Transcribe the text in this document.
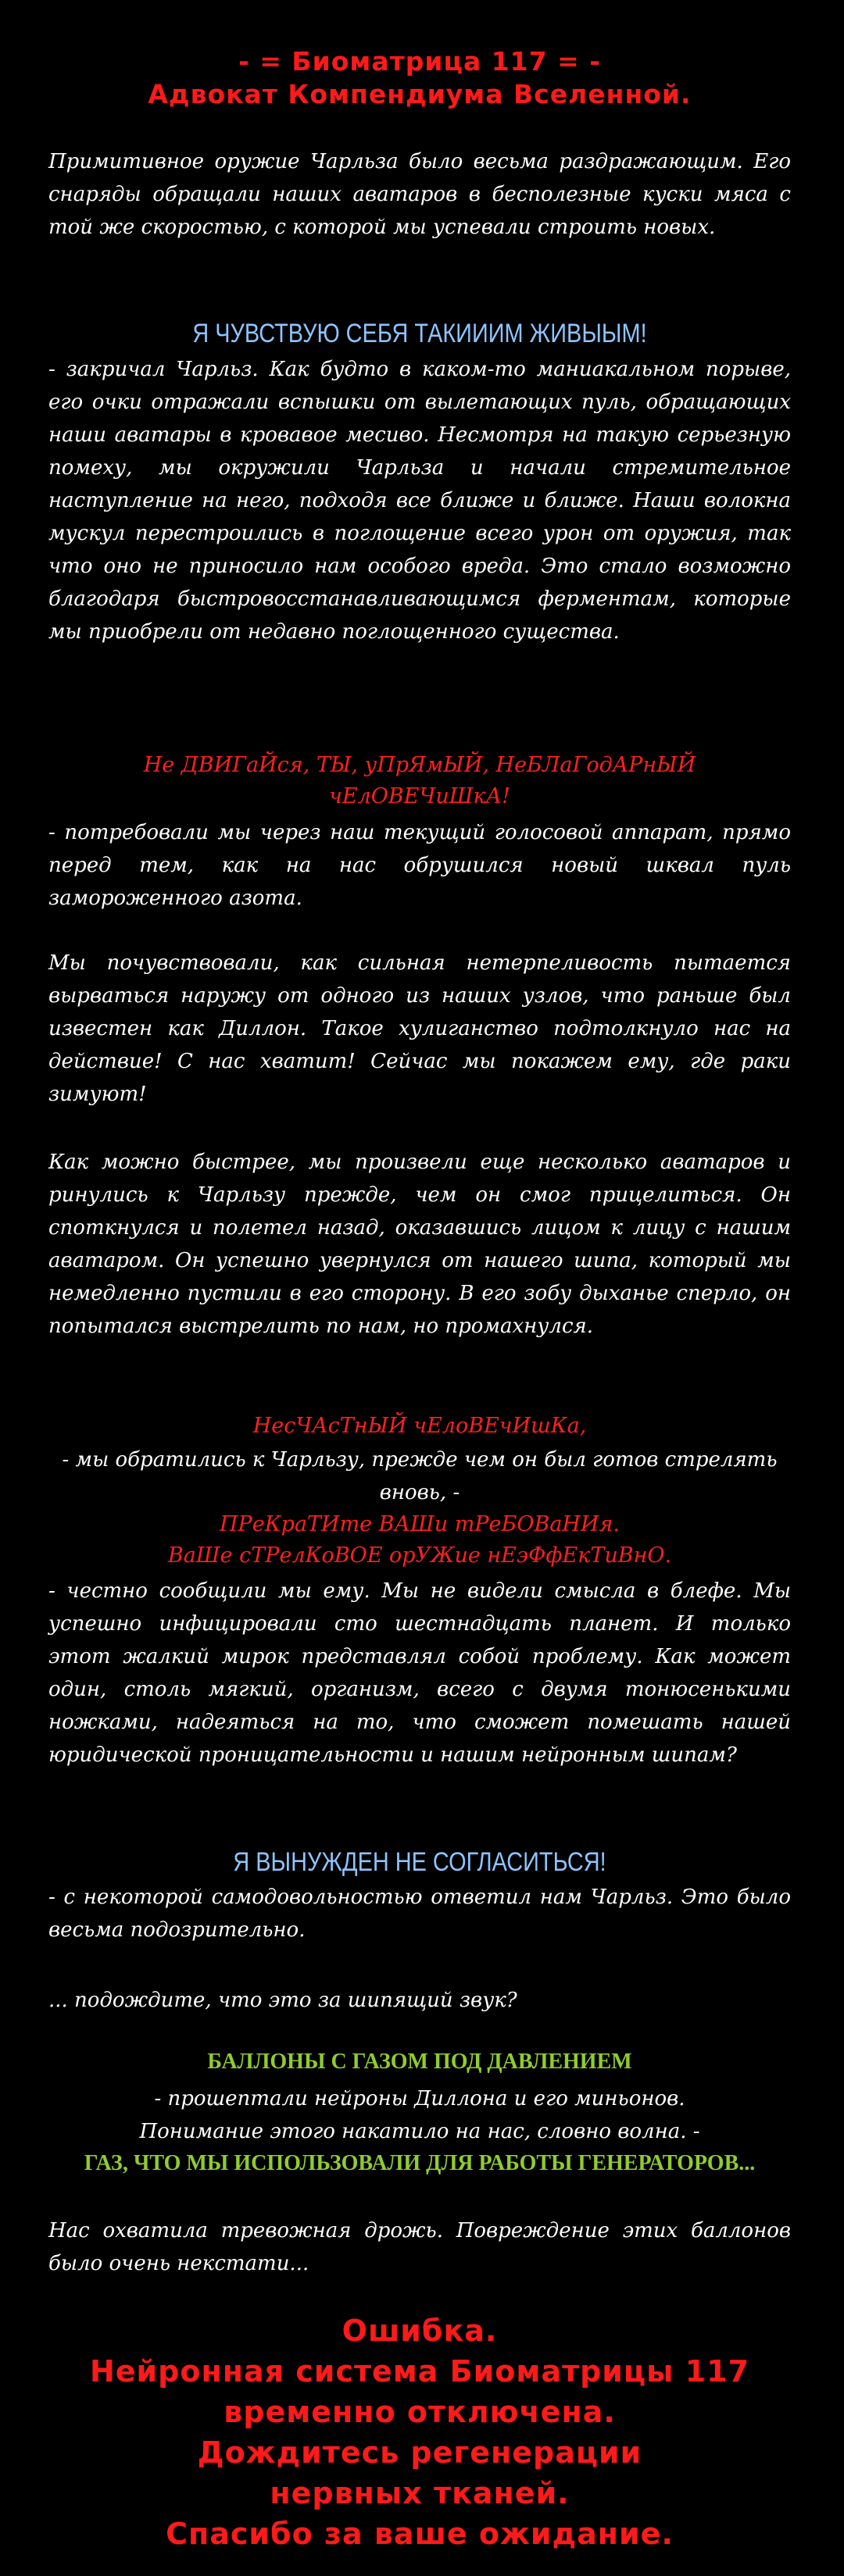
- = Биоматрица 117 = -

Адвокат Компендиума Вселенной.

Примитивное оружие Чарльза было весьма раздражающим. Его снаряды обращали наших аватаров в бесполезные куски мяса с той же скоростью, с которой мы успевали строить новых.

Я ЧУВСТВУЮ СЕБЯ ТАКИИИМ ЖИВЫЫМ!

- закричал Чарльз. Как будто в каком-то маниакальном порыве, его очки отражали вспышки от вылетающих пуль, обращающих наши аватары в кровавое месиво. Несмотря на такую серьезную помеху, мы окружили Чарльза и начали стремительное наступление на него, подходя все ближе и ближе. Наши волокна мускул перестроились в поглощение всего урон от оружия, так что оно не приносило нам особого вреда. Это стало возможно благодаря быстровосстанавливающимся ферментам, которые мы приобрели от недавно поглощенного существа.

Не ДВИГаЙся, ТЫ, уПрЯмЫЙ, НеБЛаГодАРнЫЙ

чЕлОВЕЧиШкА!

- потребовали мы через наш текущий голосовой аппарат, прямо перед тем, как на нас обрушился новый шквал пуль замороженного азота.

Мы почувствовали, как сильная нетерпеливость пытается вырваться наружу от одного из наших узлов, что раньше был известен как Диллон. Такое хулиганство подтолкнуло нас на действие! С нас хватит! Сейчас мы покажем ему, где раки зимуют!

Как можно быстрее, мы произвели еще несколько аватаров и ринулись к Чарльзу прежде, чем он смог прицелиться. Он споткнулся и полетел назад, оказавшись лицом к лицу с нашим аватаром. Он успешно увернулся от нашего шипа, который мы немедленно пустили в его сторону. В его зобу дыханье сперло, он попытался выстрелить по нам, но промахнулся.

НесЧАсТнЫЙ чЕлоВЕчИшКа,

- мы обратились к Чарльзу, прежде чем он был готов стрелять вновь, -

ПРеКраТИте ВАШи тРеБОВаНИя.

ВаШе сТРелКоВОЕ орУЖие нЕэФфЕкТиВнО.

- честно сообщили мы ему. Мы не видели смысла в блефе. Мы успешно инфицировали сто шестнадцать планет. И только этот жалкий мирок представлял собой проблему. Как может один, столь мягкий, организм, всего с двумя тонюсенькими ножками, надеяться на то, что сможет помешать нашей юридической проницательности и нашим нейронным шипам?

Я ВЫНУЖДЕН НЕ СОГЛАСИТЬСЯ!

- с некоторой самодовольностью ответил нам Чарльз. Это было весьма подозрительно.

... подождите, что это за шипящий звук?

БАЛЛОНЫ С ГАЗОМ ПОД ДАВЛЕНИЕМ

- прошептали нейроны Диллона и его миньонов.

Понимание этого накатило на нас, словно волна. -

ГАЗ, ЧТО МЫ ИСПОЛЬЗОВАЛИ ДЛЯ РАБОТЫ ГЕНЕРАТОРОВ...

Нас охватила тревожная дрожь. Повреждение этих баллонов было очень некстати...

Ошибка.

Нейронная система Биоматрицы 117

временно отключена.

Дождитесь регенерации

нервных тканей.

Спасибо за ваше ожидание.
